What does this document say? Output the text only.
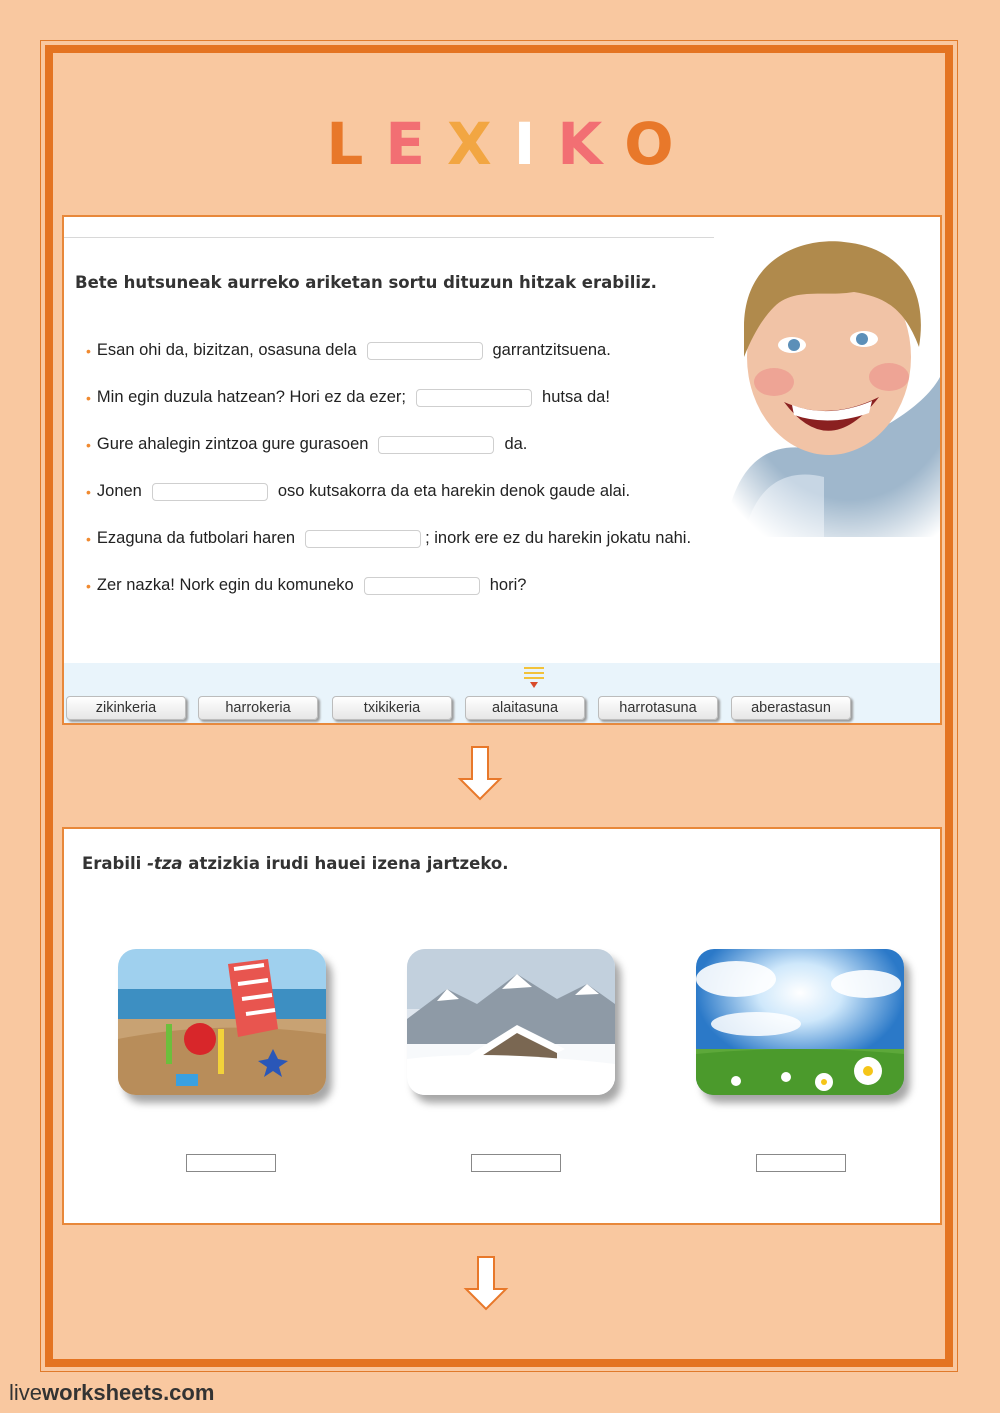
L E X I K O
Bete hutsuneak aurreko ariketan sortu dituzun hitzak erabiliz.
• Esan ohi da, bizitzan, osasuna dela	garrantzitsuena.
• Min egin duzula hatzean? Hori ez da ezer;	hutsa da!
• Gure ahalegin zintzoa gure gurasoen	da.
• Jonen	oso kutsakorra da eta harekin denok gaude alai.
• Ezaguna da futbolari haren	; inork ere ez du harekin jokatu nahi.
• Zer nazka! Nork egin du komuneko	hori?
zikinkeria	harrokeria	txikikeria	alaitasuna	harrotasuna	aberastasun
Erabili -tza atzizkia irudi hauei izena jartzeko.
liveworksheets.com
